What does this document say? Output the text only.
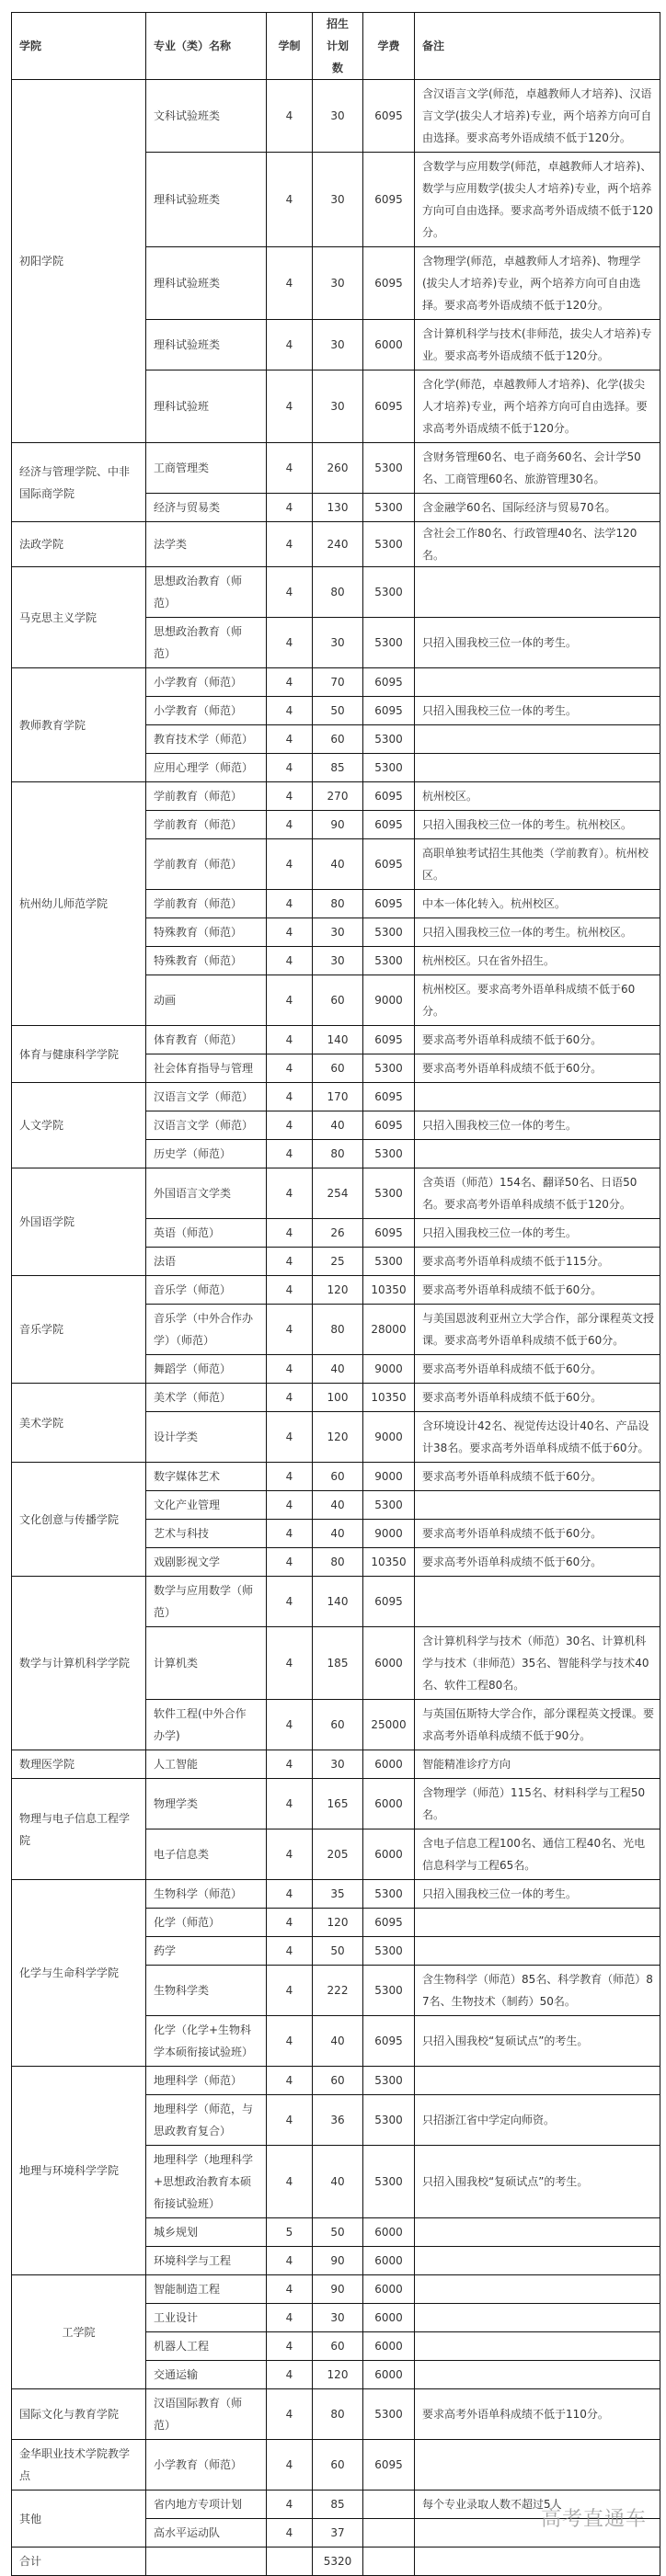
学院	专业（类）名称	学制	招生计划数	学费	备注
初阳学院	文科试验班类	4	30	6095	含汉语言文学(师范，卓越教师人才培养)、汉语言文学(拔尖人才培养)专业，两个培养方向可自由选择。要求高考外语成绩不低于120分。
	理科试验班类	4	30	6095	含数学与应用数学(师范，卓越教师人才培养)、数学与应用数学(拔尖人才培养)专业，两个培养方向可自由选择。要求高考外语成绩不低于120分。
	理科试验班类	4	30	6095	含物理学(师范，卓越教师人才培养)、物理学(拔尖人才培养)专业，两个培养方向可自由选择。要求高考外语成绩不低于120分。
	理科试验班类	4	30	6000	含计算机科学与技术(非师范，拔尖人才培养)专业。要求高考外语成绩不低于120分。
	理科试验班	4	30	6095	含化学(师范，卓越教师人才培养)、化学(拔尖人才培养)专业，两个培养方向可自由选择。要求高考外语成绩不低于120分。
经济与管理学院、中非国际商学院	工商管理类	4	260	5300	含财务管理60名、电子商务60名、会计学50名、工商管理60名、旅游管理30名。
	经济与贸易类	4	130	5300	含金融学60名、国际经济与贸易70名。
法政学院	法学类	4	240	5300	含社会工作80名、行政管理40名、法学120名。
马克思主义学院	思想政治教育（师范）	4	80	5300	
	思想政治教育（师范）	4	30	5300	只招入围我校三位一体的考生。
教师教育学院	小学教育（师范）	4	70	6095	
	小学教育（师范）	4	50	6095	只招入围我校三位一体的考生。
	教育技术学（师范）	4	60	5300	
	应用心理学（师范）	4	85	5300	
杭州幼儿师范学院	学前教育（师范）	4	270	6095	杭州校区。
	学前教育（师范）	4	90	6095	只招入围我校三位一体的考生。杭州校区。
	学前教育（师范）	4	40	6095	高职单独考试招生其他类（学前教育）。杭州校区。
	学前教育（师范）	4	80	6095	中本一体化转入。杭州校区。
	特殊教育（师范）	4	30	5300	只招入围我校三位一体的考生。杭州校区。
	特殊教育（师范）	4	30	5300	杭州校区。只在省外招生。
	动画	4	60	9000	杭州校区。要求高考外语单科成绩不低于60分。
体育与健康科学学院	体育教育（师范）	4	140	6095	要求高考外语单科成绩不低于60分。
	社会体育指导与管理	4	60	5300	要求高考外语单科成绩不低于60分。
人文学院	汉语言文学（师范）	4	170	6095	
	汉语言文学（师范）	4	40	6095	只招入围我校三位一体的考生。
	历史学（师范）	4	80	5300	
外国语学院	外国语言文学类	4	254	5300	含英语（师范）154名、翻译50名、日语50名。要求高考外语单科成绩不低于120分。
	英语（师范）	4	26	6095	只招入围我校三位一体的考生。
	法语	4	25	5300	要求高考外语单科成绩不低于115分。
音乐学院	音乐学（师范）	4	120	10350	要求高考外语单科成绩不低于60分。
	音乐学（中外合作办学）（师范）	4	80	28000	与美国恩波利亚州立大学合作，部分课程英文授课。要求高考外语单科成绩不低于60分。
	舞蹈学（师范）	4	40	9000	要求高考外语单科成绩不低于60分。
美术学院	美术学（师范）	4	100	10350	要求高考外语单科成绩不低于60分。
	设计学类	4	120	9000	含环境设计42名、视觉传达设计40名、产品设计38名。要求高考外语单科成绩不低于60分。
文化创意与传播学院	数字媒体艺术	4	60	9000	要求高考外语单科成绩不低于60分。
	文化产业管理	4	40	5300	
	艺术与科技	4	40	9000	要求高考外语单科成绩不低于60分。
	戏剧影视文学	4	80	10350	要求高考外语单科成绩不低于60分。
数学与计算机科学学院	数学与应用数学（师范）	4	140	6095	
	计算机类	4	185	6000	含计算机科学与技术（师范）30名、计算机科学与技术（非师范）35名、智能科学与技术40名、软件工程80名。
	软件工程(中外合作办学)	4	60	25000	与英国伍斯特大学合作，部分课程英文授课。要求高考外语单科成绩不低于90分。
数理医学院	人工智能	4	30	6000	智能精准诊疗方向
物理与电子信息工程学院	物理学类	4	165	6000	含物理学（师范）115名、材料科学与工程50名。
	电子信息类	4	205	6000	含电子信息工程100名、通信工程40名、光电信息科学与工程65名。
化学与生命科学学院	生物科学（师范）	4	35	5300	只招入围我校三位一体的考生。
	化学（师范）	4	120	6095	
	药学	4	50	5300	
	生物科学类	4	222	5300	含生物科学（师范）85名、科学教育（师范）87名、生物技术（制药）50名。
	化学（化学+生物科学本硕衔接试验班）	4	40	6095	只招入围我校“复硕试点”的考生。
地理与环境科学学院	地理科学（师范）	4	60	5300	
	地理科学（师范，与思政教育复合）	4	36	5300	只招浙江省中学定向师资。
	地理科学（地理科学+思想政治教育本硕衔接试验班）	4	40	5300	只招入围我校“复硕试点”的考生。
	城乡规划	5	50	6000	
	环境科学与工程	4	90	6000	
工学院	智能制造工程	4	90	6000	
	工业设计	4	30	6000	
	机器人工程	4	60	6000	
	交通运输	4	120	6000	
国际文化与教育学院	汉语国际教育（师范）	4	80	5300	要求高考外语单科成绩不低于110分。
金华职业技术学院教学点	小学教育（师范）	4	60	6095	
其他	省内地方专项计划	4	85		每个专业录取人数不超过5人
	高水平运动队	4	37		
合计			5320		
高考直通车
